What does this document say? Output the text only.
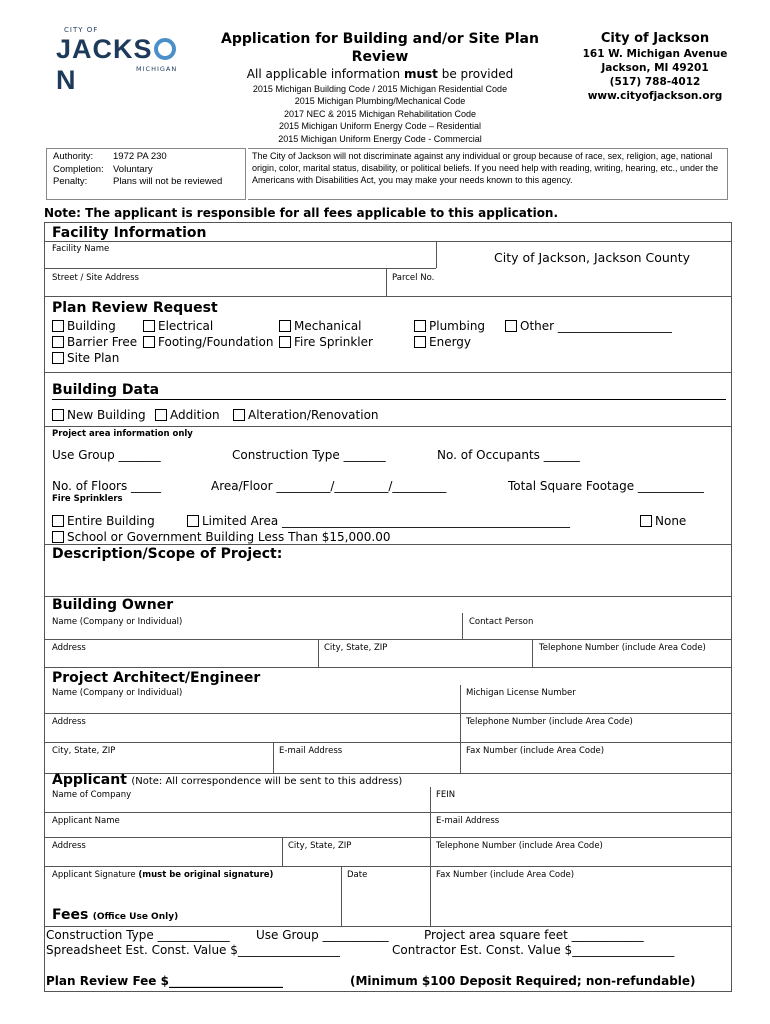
CITY OF
JACKSN	MICHIGAN
Application for Building and/or Site Plan
Review
All applicable information must be provided
2015 Michigan Building Code / 2015 Michigan Residential Code
2015 Michigan Plumbing/Mechanical Code
2017 NEC & 2015 Michigan Rehabilitation Code
2015 Michigan Uniform Energy Code – Residential
2015 Michigan Uniform Energy Code - Commercial
City of Jackson
161 W. Michigan Avenue
Jackson, MI 49201
(517) 788-4012
www.cityofjackson.org
Authority:	1972 PA 230
Completion: Voluntary
Penalty:	Plans will not be reviewed
The City of Jackson will not discriminate against any individual or group because of race, sex, religion, age, national origin, color, marital status, disability, or political beliefs. If you need help with reading, writing, hearing, etc., under the Americans with Disabilities Act, you may make your needs known to this agency.
Note: The applicant is responsible for all fees applicable to this application.
Facility Information
Facility Name
City of Jackson, Jackson County
Street / Site Address	Parcel No.
Plan Review Request
Building	Electrical	Mechanical	Plumbing	Other ___________________
Barrier Free	Footing/Foundation	Fire Sprinkler	Energy
Site Plan
Building Data
New Building	Addition	Alteration/Renovation
Project area information only
Use Group _______	Construction Type _______	No. of Occupants ______
No. of Floors _____	Area/Floor _________/_________/_________	Total Square Footage ___________
Fire Sprinklers
Entire Building	Limited Area ________________________________________________	None
School or Government Building Less Than $15,000.00
Description/Scope of Project:
Building Owner
Name (Company or Individual)	Contact Person
Address	City, State, ZIP	Telephone Number (include Area Code)
Project Architect/Engineer
Name (Company or Individual)	Michigan License Number
Address	Telephone Number (include Area Code)
City, State, ZIP	E-mail Address	Fax Number (include Area Code)
Applicant (Note: All correspondence will be sent to this address)
Name of Company	FEIN
Applicant Name	E-mail Address
Address	City, State, ZIP	Telephone Number (include Area Code)
Applicant Signature (must be original signature)	Date	Fax Number (include Area Code)
Fees (Office Use Only)
Construction Type ____________ Use Group ___________	Project area square feet ____________
Spreadsheet Est. Const. Value $_________________	Contractor Est. Const. Value $_________________
Plan Review Fee $___________________	(Minimum $100 Deposit Required; non-refundable)
